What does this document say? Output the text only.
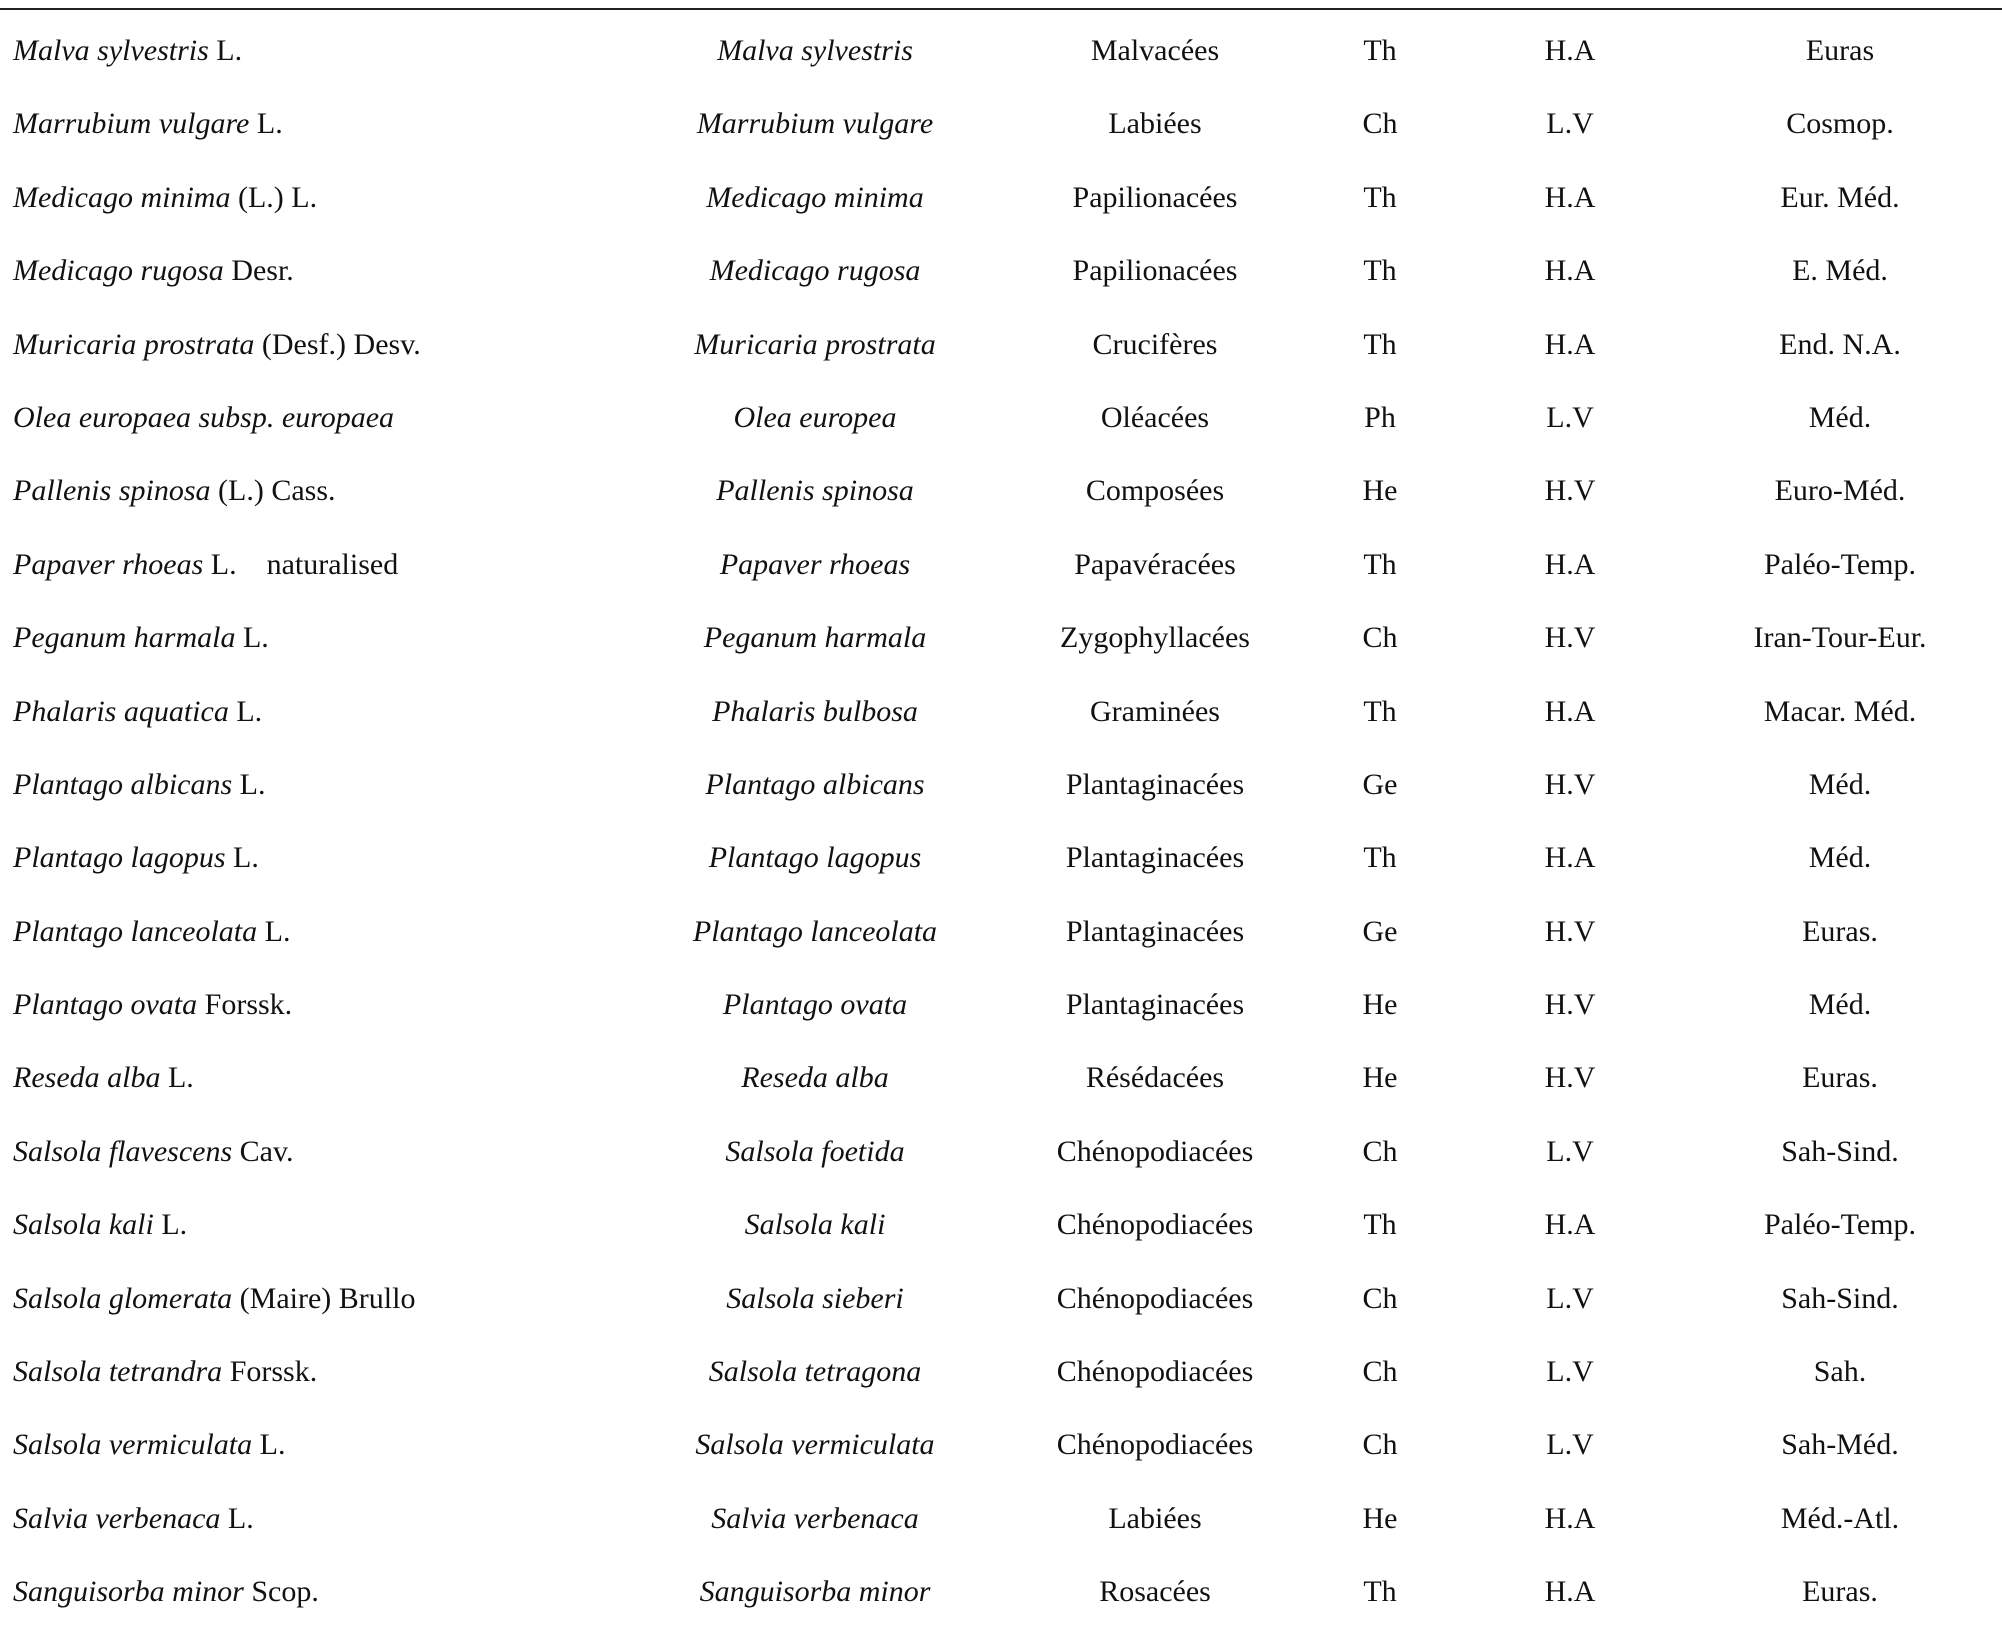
Malva sylvestris L.	Malva sylvestris	Malvacées	Th	H.A	Euras
Marrubium vulgare L.	Marrubium vulgare	Labiées	Ch	L.V	Cosmop.
Medicago minima (L.) L.	Medicago minima	Papilionacées	Th	H.A	Eur. Méd.
Medicago rugosa Desr.	Medicago rugosa	Papilionacées	Th	H.A	E. Méd.
Muricaria prostrata (Desf.) Desv.	Muricaria prostrata	Crucifères	Th	H.A	End. N.A.
Olea europaea subsp. europaea	Olea europea	Oléacées	Ph	L.V	Méd.
Pallenis spinosa (L.) Cass.	Pallenis spinosa	Composées	He	H.V	Euro-Méd.
Papaver rhoeas L. naturalised	Papaver rhoeas	Papavéracées	Th	H.A	Paléo-Temp.
Peganum harmala L.	Peganum harmala	Zygophyllacées	Ch	H.V	Iran-Tour-Eur.
Phalaris aquatica L.	Phalaris bulbosa	Graminées	Th	H.A	Macar. Méd.
Plantago albicans L.	Plantago albicans	Plantaginacées	Ge	H.V	Méd.
Plantago lagopus L.	Plantago lagopus	Plantaginacées	Th	H.A	Méd.
Plantago lanceolata L.	Plantago lanceolata	Plantaginacées	Ge	H.V	Euras.
Plantago ovata Forssk.	Plantago ovata	Plantaginacées	He	H.V	Méd.
Reseda alba L.	Reseda alba	Résédacées	He	H.V	Euras.
Salsola flavescens Cav.	Salsola foetida	Chénopodiacées	Ch	L.V	Sah-Sind.
Salsola kali L.	Salsola kali	Chénopodiacées	Th	H.A	Paléo-Temp.
Salsola glomerata (Maire) Brullo	Salsola sieberi	Chénopodiacées	Ch	L.V	Sah-Sind.
Salsola tetrandra Forssk.	Salsola tetragona	Chénopodiacées	Ch	L.V	Sah.
Salsola vermiculata L.	Salsola vermiculata	Chénopodiacées	Ch	L.V	Sah-Méd.
Salvia verbenaca L.	Salvia verbenaca	Labiées	He	H.A	Méd.-Atl.
Sanguisorba minor Scop.	Sanguisorba minor	Rosacées	Th	H.A	Euras.
